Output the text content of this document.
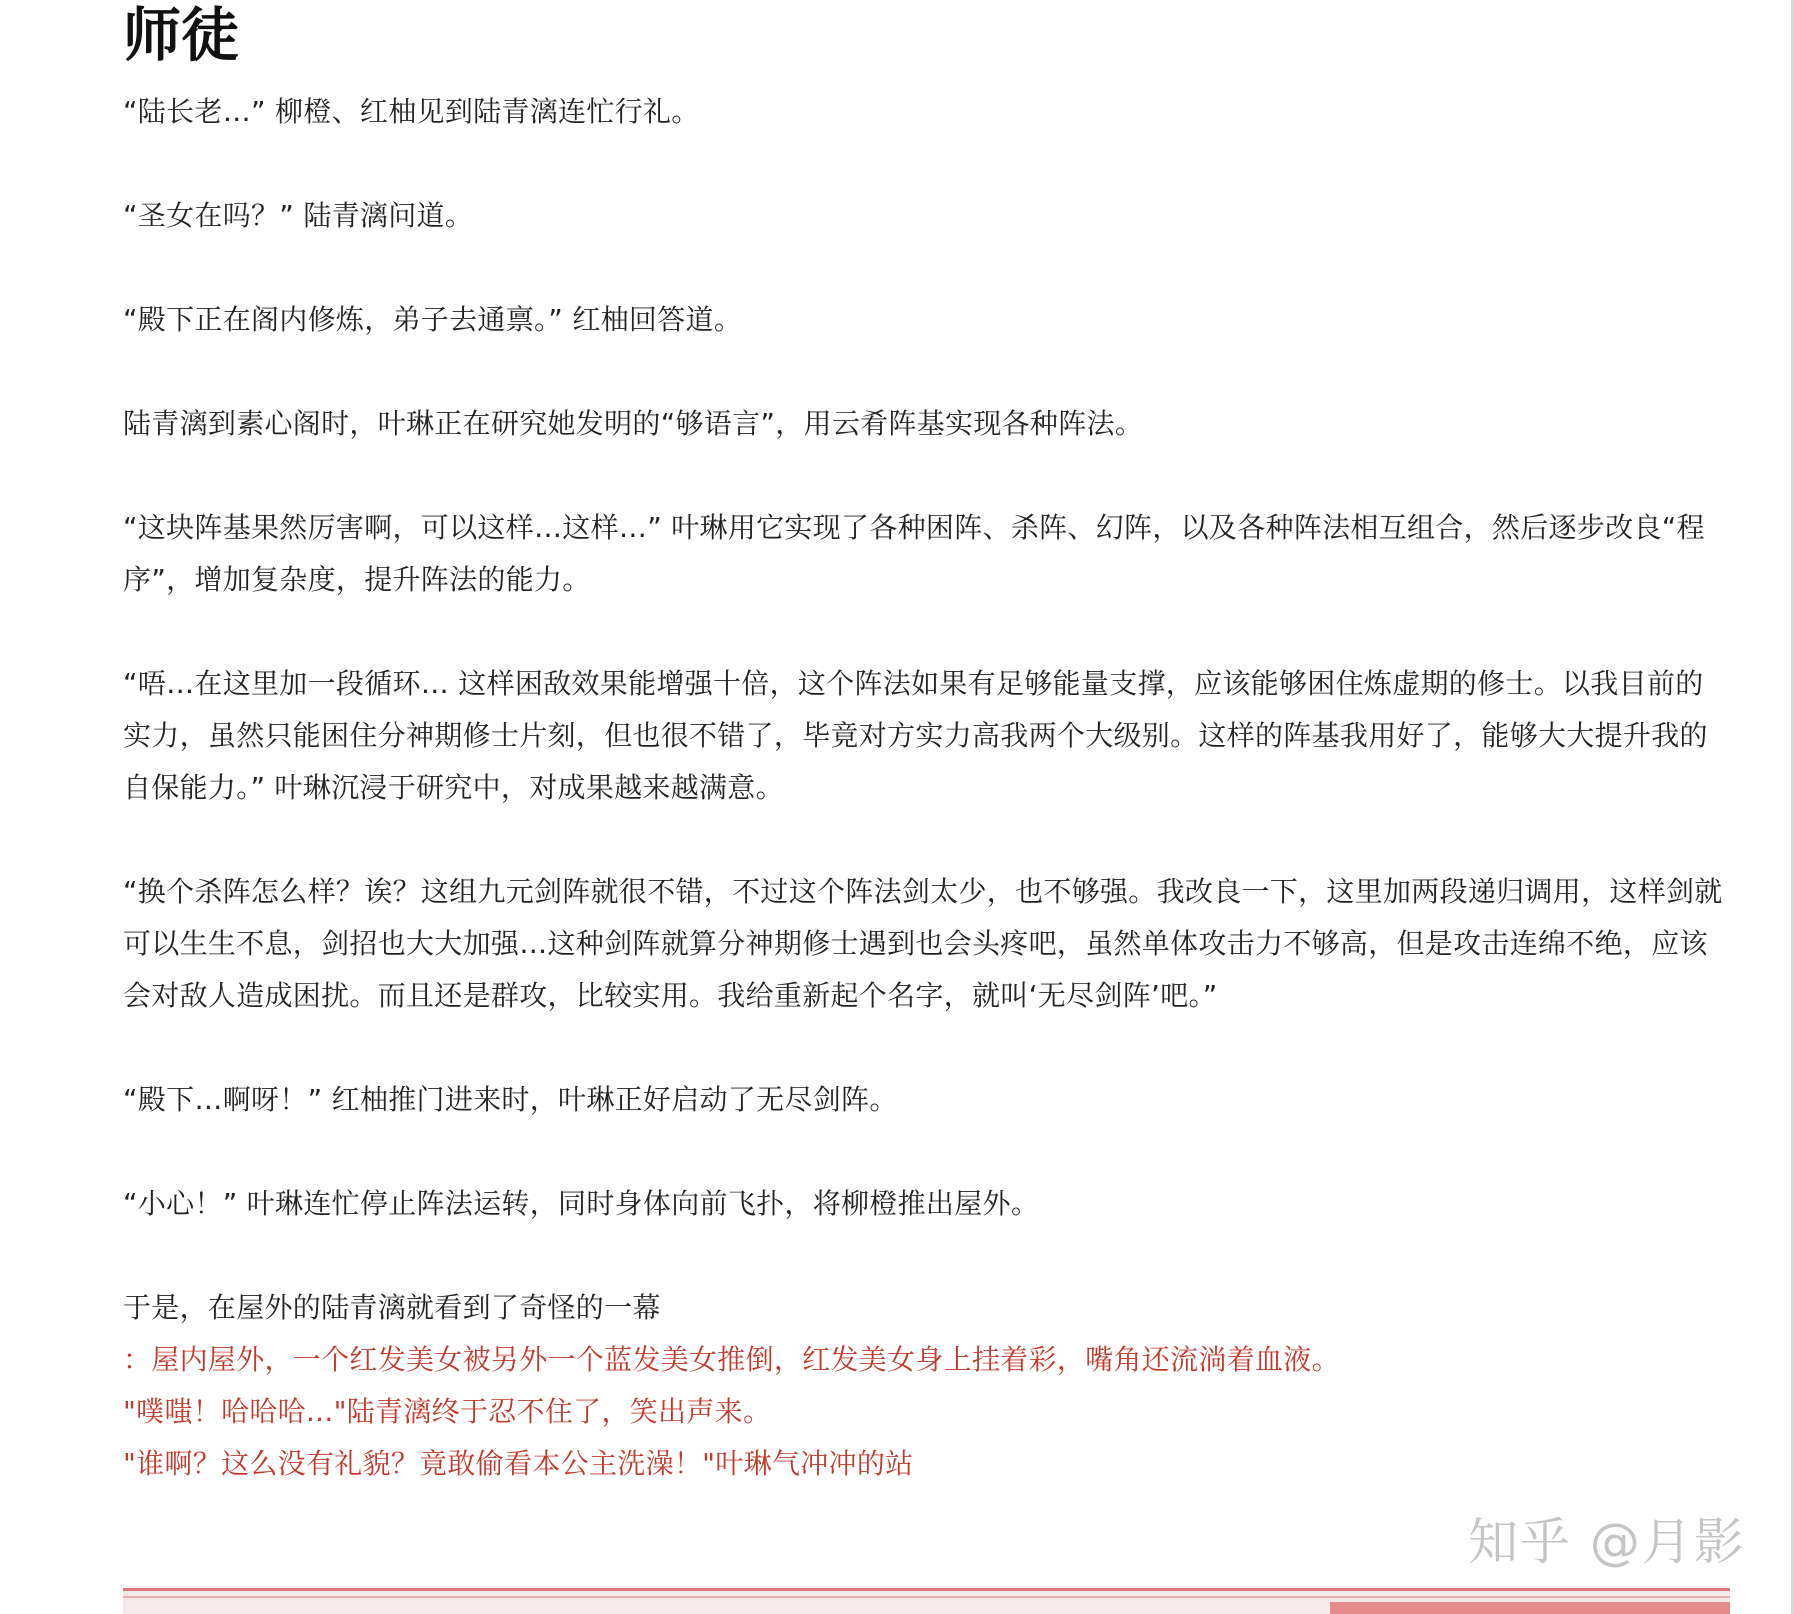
师徒

“陆长老…” 柳橙、红柚见到陆青漓连忙行礼。

“圣女在吗？” 陆青漓问道。

“殿下正在阁内修炼，弟子去通禀。” 红柚回答道。

陆青漓到素心阁时，叶琳正在研究她发明的“够语言”，用云肴阵基实现各种阵法。

“这块阵基果然厉害啊，可以这样…这样…” 叶琳用它实现了各种困阵、杀阵、幻阵，以及各种阵法相互组合，然后逐步改良“程序”，增加复杂度，提升阵法的能力。

“唔…在这里加一段循环… 这样困敌效果能增强十倍，这个阵法如果有足够能量支撑，应该能够困住炼虚期的修士。以我目前的实力，虽然只能困住分神期修士片刻，但也很不错了，毕竟对方实力高我两个大级别。这样的阵基我用好了，能够大大提升我的自保能力。” 叶琳沉浸于研究中，对成果越来越满意。

“换个杀阵怎么样？诶？这组九元剑阵就很不错，不过这个阵法剑太少，也不够强。我改良一下，这里加两段递归调用，这样剑就可以生生不息，剑招也大大加强…这种剑阵就算分神期修士遇到也会头疼吧，虽然单体攻击力不够高，但是攻击连绵不绝，应该会对敌人造成困扰。而且还是群攻，比较实用。我给重新起个名字，就叫‘无尽剑阵’吧。”

“殿下…啊呀！” 红柚推门进来时，叶琳正好启动了无尽剑阵。

“小心！” 叶琳连忙停止阵法运转，同时身体向前飞扑，将柳橙推出屋外。

于是，在屋外的陆青漓就看到了奇怪的一幕

：屋内屋外，一个红发美女被另外一个蓝发美女推倒，红发美女身上挂着彩，嘴角还流淌着血液。

"噗嗤！哈哈哈..."陆青漓终于忍不住了，笑出声来。

"谁啊？这么没有礼貌？竟敢偷看本公主洗澡！"叶琳气冲冲的站

知乎 @月影
